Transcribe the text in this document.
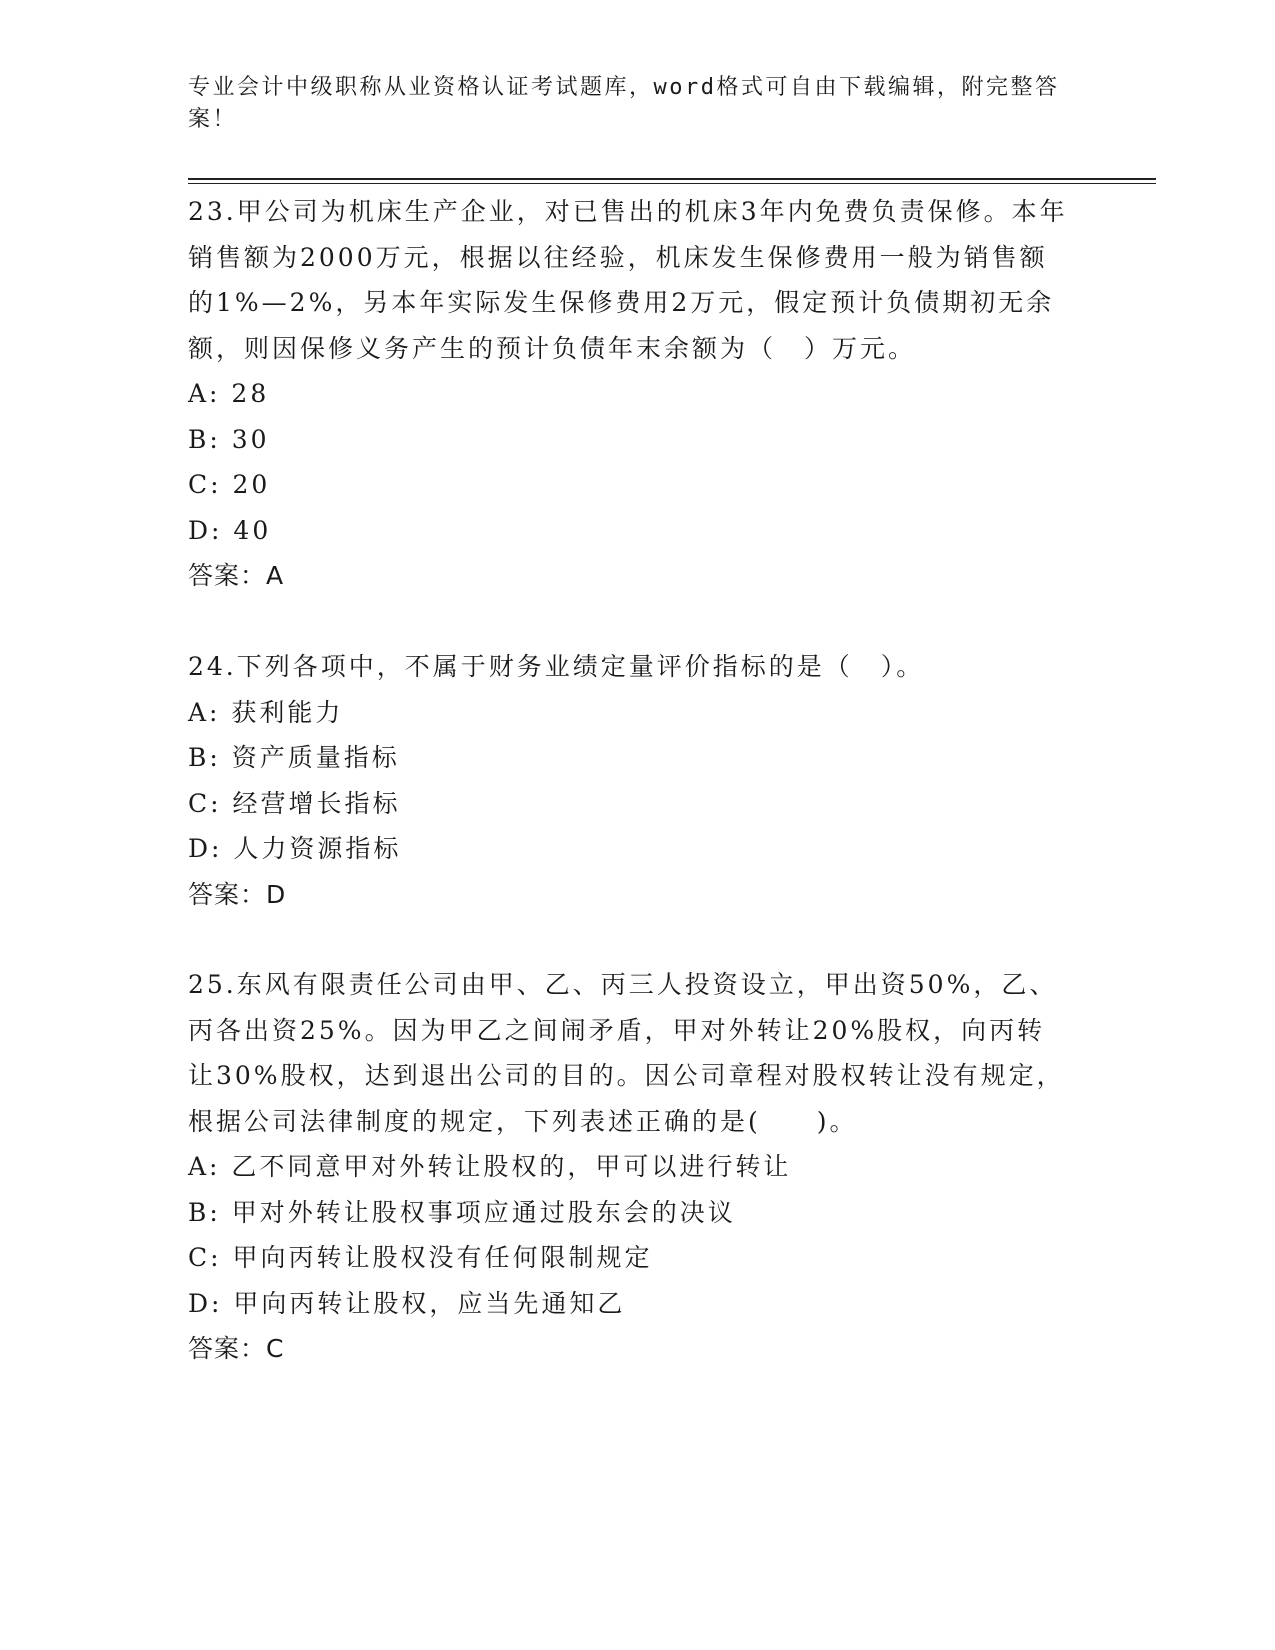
专业会计中级职称从业资格认证考试题库，word格式可自由下载编辑，附完整答案！

23.甲公司为机床生产企业，对已售出的机床3年内免费负责保修。本年销售额为2000万元，根据以往经验，机床发生保修费用一般为销售额的1%—2%，另本年实际发生保修费用2万元，假定预计负债期初无余额，则因保修义务产生的预计负债年末余额为（　）万元。

A: 28

B: 30

C: 20

D: 40

答案：A

24.下列各项中，不属于财务业绩定量评价指标的是（　）。

A: 获利能力

B: 资产质量指标

C: 经营增长指标

D: 人力资源指标

答案：D

25.东风有限责任公司由甲、乙、丙三人投资设立，甲出资50%，乙、丙各出资25%。因为甲乙之间闹矛盾，甲对外转让20%股权，向丙转让30%股权，达到退出公司的目的。因公司章程对股权转让没有规定，根据公司法律制度的规定，下列表述正确的是(　　)。

A: 乙不同意甲对外转让股权的，甲可以进行转让

B: 甲对外转让股权事项应通过股东会的决议

C: 甲向丙转让股权没有任何限制规定

D: 甲向丙转让股权，应当先通知乙

答案：C
